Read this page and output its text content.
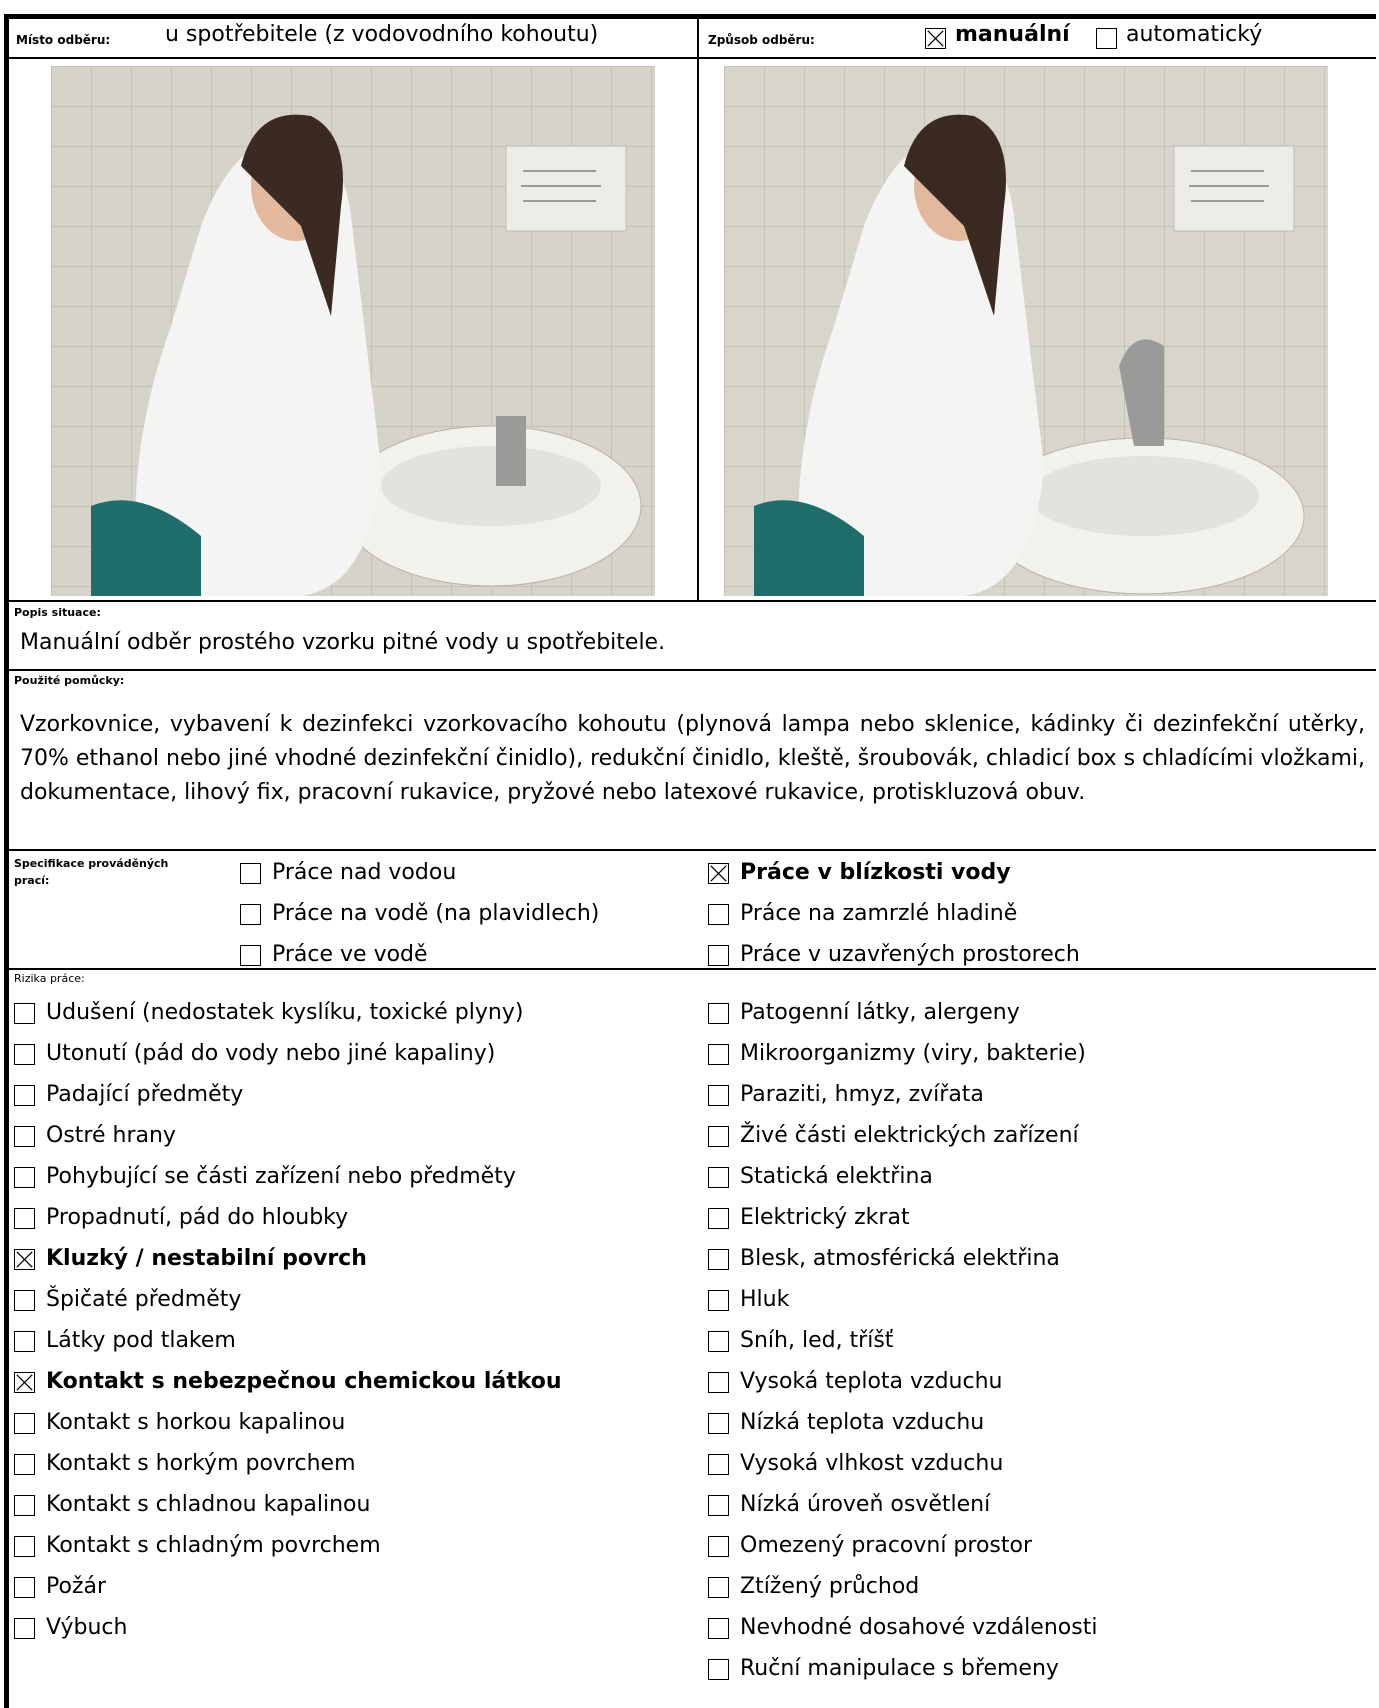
Místo odběru: u spotřebitele (z vodovodního kohoutu)	Způsob odběru:	manuální	automatický
Popis situace:
Manuální odběr prostého vzorku pitné vody u spotřebitele.
Použité pomůcky:
Vzorkovnice, vybavení k dezinfekci vzorkovacího kohoutu (plynová lampa nebo sklenice, kádinky či dezinfekční utěrky, 70% ethanol nebo jiné vhodné dezinfekční činidlo), redukční činidlo, kleště, šroubovák, chladicí box s chladícími vložkami, dokumentace, lihový fix, pracovní rukavice, pryžové nebo latexové rukavice, protiskluzová obuv.
Specifikace prováděných prací:	Práce nad vodou
Práce na vodě (na plavidlech)
Práce ve vodě
Práce v blízkosti vody
Práce na zamrzlé hladině
Práce v uzavřených prostorech
Rizika práce:
Udušení (nedostatek kyslíku, toxické plyny)
Utonutí (pád do vody nebo jiné kapaliny)
Padající předměty
Ostré hrany
Pohybující se části zařízení nebo předměty
Propadnutí, pád do hloubky
Kluzký / nestabilní povrch
Špičaté předměty
Látky pod tlakem
Kontakt s nebezpečnou chemickou látkou
Kontakt s horkou kapalinou
Kontakt s horkým povrchem
Kontakt s chladnou kapalinou
Kontakt s chladným povrchem
Požár
Výbuch
Patogenní látky, alergeny
Mikroorganizmy (viry, bakterie)
Paraziti, hmyz, zvířata
Živé části elektrických zařízení
Statická elektřina
Elektrický zkrat
Blesk, atmosférická elektřina
Hluk
Sníh, led, tříšť
Vysoká teplota vzduchu
Nízká teplota vzduchu
Vysoká vlhkost vzduchu
Nízká úroveň osvětlení
Omezený pracovní prostor
Ztížený průchod
Nevhodné dosahové vzdálenosti
Ruční manipulace s břemeny
